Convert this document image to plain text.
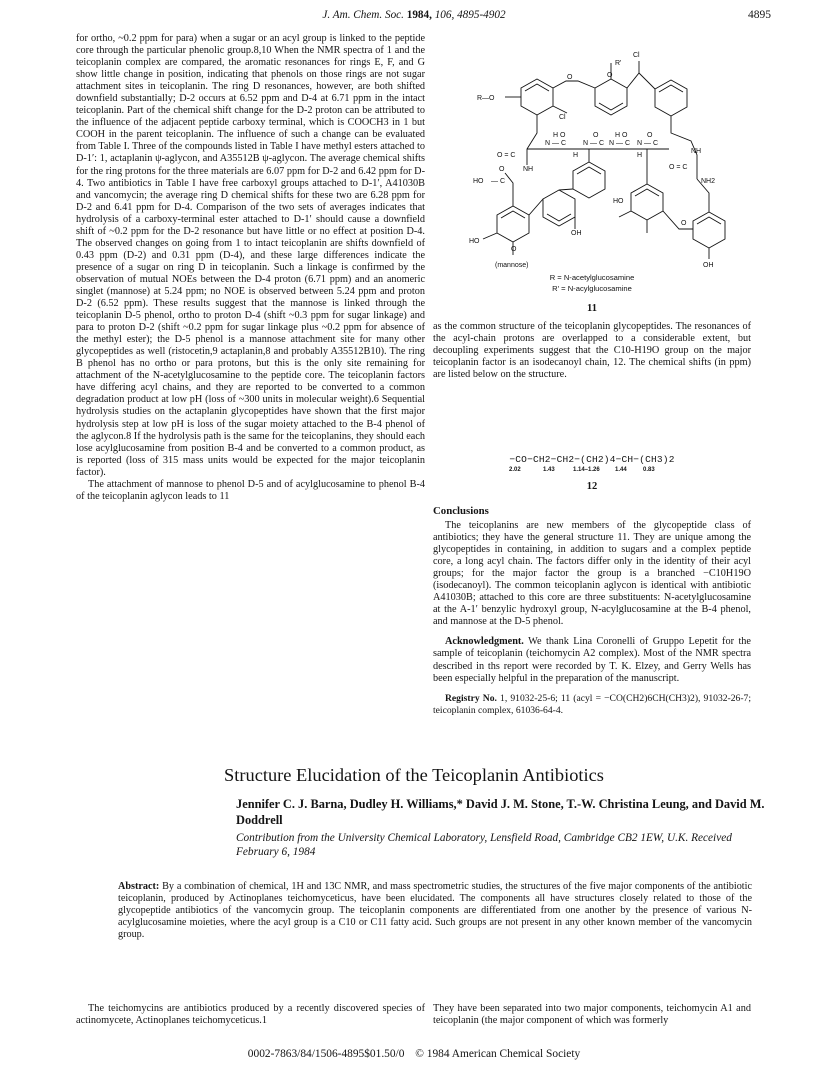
J. Am. Chem. Soc. 1984, 106, 4895-4902	4895

for ortho, ~0.2 ppm for para) when a sugar or an acyl group is linked to the peptide core through the particular phenolic group.8,10 When the NMR spectra of 1 and the teicoplanin complex are compared, the aromatic resonances for rings E, F, and G show little change in position, indicating that phenols on those rings are not sugar attachment sites in teicoplanin. The ring D resonances, however, are both shifted downfield substantially; D-2 occurs at 6.52 ppm and D-4 at 6.71 ppm in the intact teicoplanin. Part of the chemical shift change for the D-2 proton can be attributed to the influence of the adjacent peptide carboxy terminal, which is COOCH3 in 1 but COOH in the parent teicoplanin. The influence of such a change can be evaluated from Table I. Three of the compounds listed in Table I have methyl esters attached to D-1′: 1, actaplanin ψ-aglycon, and A35512B ψ-aglycon. The average chemical shifts for the ring protons for the three materials are 6.07 ppm for D-2 and 6.42 ppm for D-4. Two antibiotics in Table I have free carboxyl groups attached to D-1′, A41030B and vancomycin; the average ring D chemical shifts for these two are 6.28 ppm for D-2 and 6.41 ppm for D-4. Comparison of the two sets of averages indicates that hydrolysis of a carboxy-terminal ester attached to D-1′ should cause a downfield shift of ~0.2 ppm for the D-2 resonance but have little or no effect at position D-4. The observed changes on going from 1 to intact teicoplanin are shifts downfield of 0.43 ppm (D-2) and 0.31 ppm (D-4), and these large differences indicate the presence of a sugar on ring D in teicoplanin. Such a linkage is confirmed by the observation of mutual NOEs between the D-4 proton (6.71 ppm) and an anomeric singlet (mannose) at 5.24 ppm; no NOE is observed between 5.24 ppm and proton D-2 (6.52 ppm). These results suggest that the mannose is linked through the teicoplanin D-5 phenol, ortho to proton D-4 (shift ~0.3 ppm for sugar linkage) and para to proton D-2 (shift ~0.2 ppm for sugar linkage plus ~0.2 ppm for absence of the methyl ester); the D-5 phenol is a mannose attachment site for many other glycopeptides as well (ristocetin,9 actaplanin,8 and probably A35512B10). The ring B phenol has no ortho or para protons, but this is the only site remaining for attachment of the N-acetylglucosamine to the peptide core. The teicoplanin factors have differing acyl chains, and they are reported to be converted to a common degradation product at low pH (loss of ~300 units in molecular weight).6 Sequential hydrolysis studies on the actaplanin glycopeptides have shown that the first major hydrolysis step at low pH is loss of the sugar moiety attached to the B-4 phenol of the aglycon.8 If the hydrolysis path is the same for the teicoplanins, they should each lose acylglucosamine from position B-4 and be converted to a common product, as is reported (loss of 315 mass units would be expected for the major teicoplanin factor).

The attachment of mannose to phenol D-5 and of acylglucosamine to phenol B-4 of the teicoplanin aglycon leads to 11

R'
O
Cl
O
R—O
Cl
H O
N — C
O
N — C
H O
N — C
O
N — C
H	H
O = C
NH
O	NH	O = C
NH2
HO — C
HO
O
OH
HO
O
OH
(mannose)
R = N-acetylglucosamine
R′ = N-acylglucosamine
11

as the common structure of the teicoplanin glycopeptides. The resonances of the acyl-chain protons are overlapped to a considerable extent, but decoupling experiments suggest that the C10-H19O group on the major teicoplanin factor is an isodecanoyl chain, 12. The chemical shifts (in ppm) are listed below on the structure.

−CO−CH2−CH2−(CH2)4−CH−(CH3)2
2.02	1.43	1.14–1.26	1.44	0.83
12
Conclusions

The teicoplanins are new members of the glycopeptide class of antibiotics; they have the general structure 11. They are unique among the glycopeptides in containing, in addition to sugars and a complex peptide core, a long acyl chain. The factors differ only in the identity of their acyl groups; for the major factor the group is a branched −C10H19O (isodecanoyl). The common teicoplanin aglycon is identical with antibiotic A41030B; attached to this core are three substituents: N-acetylglucosamine at the A-1′ benzylic hydroxyl group, N-acylglucosamine at the B-4 phenol, and mannose at the D-5 phenol.

Acknowledgment. We thank Lina Coronelli of Gruppo Lepetit for the sample of teicoplanin (teichomycin A2 complex). Most of the NMR spectra described in ths report were recorded by T. K. Elzey, and Gerry Wells has been especially helpful in the preparation of the manuscript.

Registry No. 1, 91032-25-6; 11 (acyl = −CO(CH2)6CH(CH3)2), 91032-26-7; teicoplanin complex, 61036-64-4.

Structure Elucidation of the Teicoplanin Antibiotics
Jennifer C. J. Barna, Dudley H. Williams,* David J. M. Stone, T.-W. Christina Leung, and David M. Doddrell
Contribution from the University Chemical Laboratory, Lensfield Road, Cambridge CB2 1EW, U.K. Received February 6, 1984
Abstract: By a combination of chemical, 1H and 13C NMR, and mass spectrometric studies, the structures of the five major components of the antibiotic teicoplanin, produced by Actinoplanes teichomyceticus, have been elucidated. The components all have structures closely related to those of the glycopeptide antibiotics of the vancomycin group. The teicoplanin components are differentiated from one another by the presence of various N-acylglucosamine moieties, where the acyl group is a C10 or C11 fatty acid. Such groups are not present in any other known member of the vancomycin group.

The teichomycins are antibiotics produced by a recently discovered species of actinomycete, Actinoplanes teichomyceticus.1

They have been separated into two major components, teichomycin A1 and teicoplanin (the major component of which was formerly

0002-7863/84/1506-4895$01.50/0 © 1984 American Chemical Society
